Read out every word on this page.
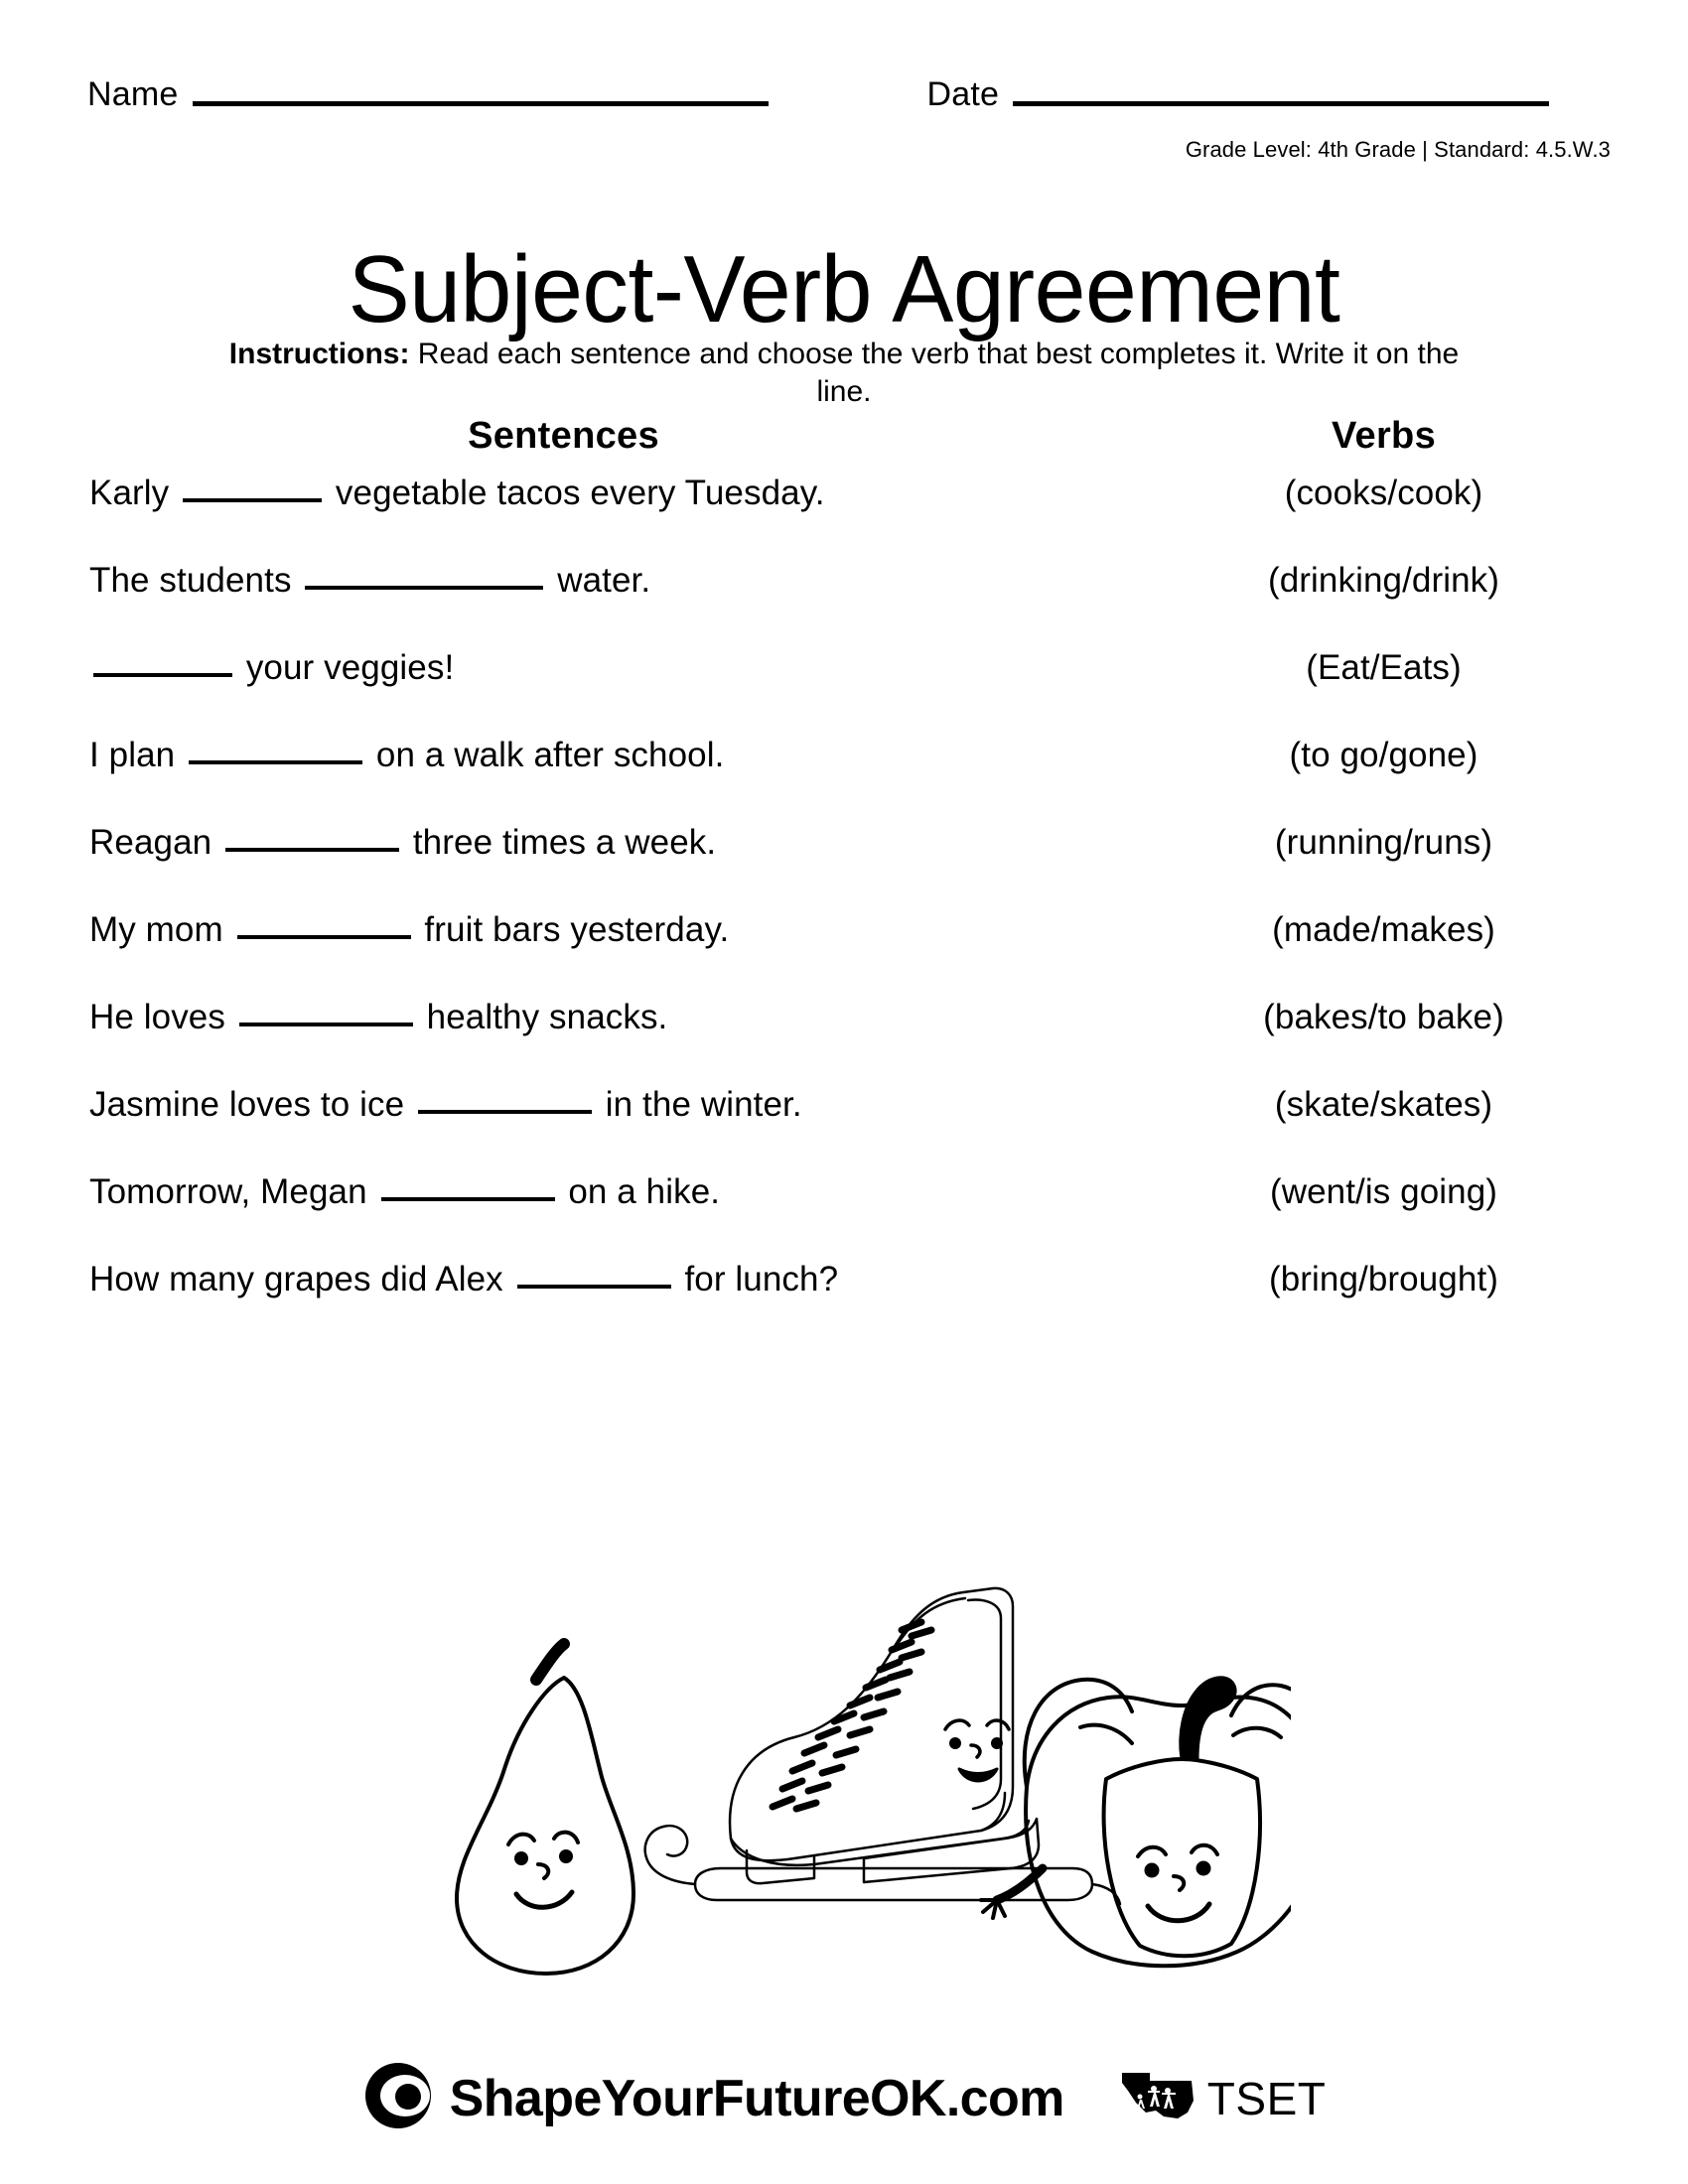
Name	Date
Grade Level: 4th Grade | Standard: 4.5.W.3
Subject-Verb Agreement

Instructions: Read each sentence and choose the verb that best completes it. Write it on the line.

Sentences	Verbs
Karly	vegetable tacos every Tuesday.	(cooks/cook)
The students	water.	(drinking/drink)
your veggies!	(Eat/Eats)
I plan	on a walk after school.	(to go/gone)
Reagan	three times a week.	(running/runs)
My mom	fruit bars yesterday.	(made/makes)
He loves	healthy snacks.	(bakes/to bake)
Jasmine loves to ice	in the winter.	(skate/skates)
Tomorrow, Megan	on a hike.	(went/is going)
How many grapes did Alex	for lunch?	(bring/brought)
ShapeYourFutureOK.com	TSET
